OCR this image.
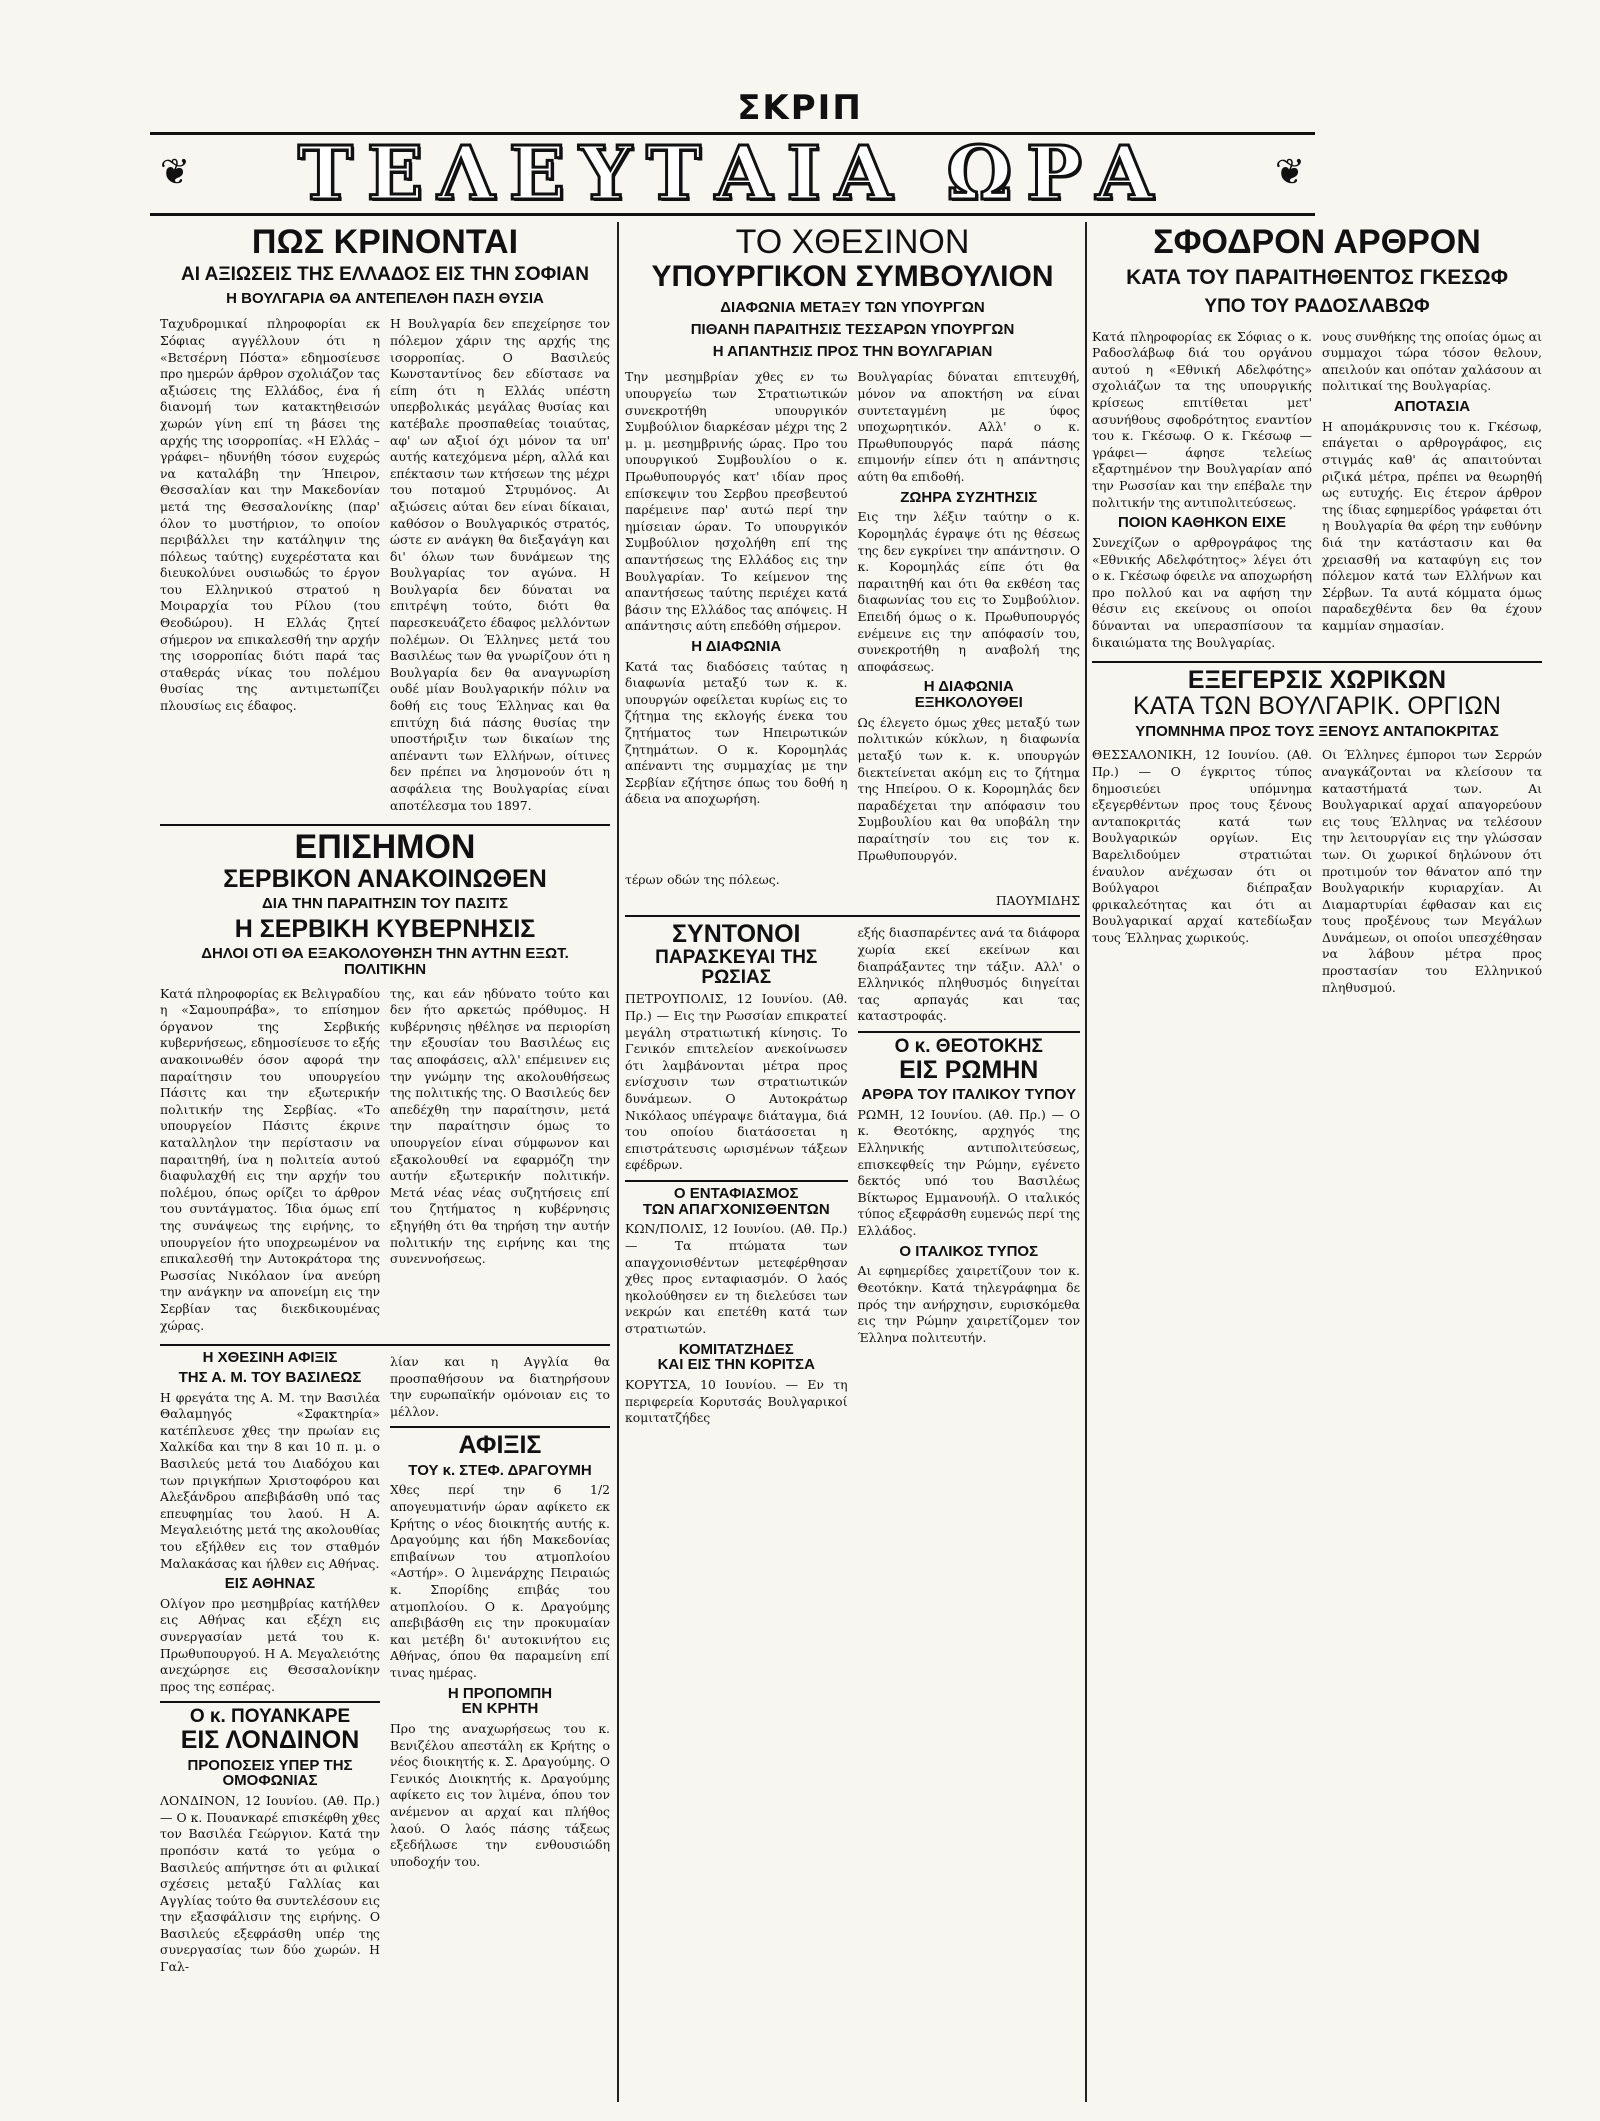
ΣΚΡΙΠ
❦	ΤΕΛΕΥΤΑΙΑ ΩΡΑ	❦

ΠΩΣ ΚΡΙΝΟΝΤΑΙ

ΑΙ ΑΞΙΩΣΕΙΣ ΤΗΣ ΕΛΛΑΔΟΣ ΕΙΣ ΤΗΝ ΣΟΦΙΑΝ

Η ΒΟΥΛΓΑΡΙΑ ΘΑ ΑΝΤΕΠΕΛΘΗ ΠΑΣΗ ΘΥΣΙΑ

Ταχυδρομικαί πληροφορίαι εκ Σόφιας αγγέλλουν ότι η «Βετσέρνη Πόστα» εδημοσίευσε προ ημερών άρθρον σχολιάζον τας αξιώσεις της Ελλάδος, ένα ή διανομή των κατακτηθεισών χωρών γίνη επί τη βάσει της αρχής της ισορροπίας. «Η Ελλάς –γράφει– ηδυνήθη τόσον ευχερώς να καταλάβη την Ήπειρον, Θεσσαλίαν και την Μακεδονίαν μετά της Θεσσαλονίκης (παρ' όλον το μυστήριον, το οποίον περιβάλλει την κατάληψιν της πόλεως ταύτης) ευχερέστατα και διευκολύνει ουσιωδώς το έργον του Ελληνικού στρατού η Μοιραρχία του Ρίλου (του Θεοδώρου). Η Ελλάς ζητεί σήμερον να επικαλεσθή την αρχήν της ισορροπίας διότι παρά τας σταθεράς νίκας του πολέμου θυσίας της αντιμετωπίζει πλουσίως εις έδαφος.

Η Βουλγαρία δεν επεχείρησε τον πόλεμον χάριν της αρχής της ισορροπίας. Ο Βασιλεύς Κωνσταντίνος δεν εδίστασε να είπη ότι η Ελλάς υπέστη υπερβολικάς μεγάλας θυσίας και κατέβαλε προσπαθείας τοιαύτας, αφ' ων αξιοί όχι μόνον τα υπ' αυτής κατεχόμενα μέρη, αλλά και επέκτασιν των κτήσεων της μέχρι του ποταμού Στρυμόνος. Αι αξιώσεις αύται δεν είναι δίκαιαι, καθόσον ο Βουλγαρικός στρατός, ώστε εν ανάγκη θα διεξαγάγη και δι' όλων των δυνάμεων της Βουλγαρίας τον αγώνα. Η Βουλγαρία δεν δύναται να επιτρέψη τούτο, διότι θα παρεσκευάζετο έδαφος μελλόντων πολέμων. Οι Έλληνες μετά του Βασιλέως των θα γνωρίζουν ότι η Βουλγαρία δεν θα αναγνωρίση ουδέ μίαν Βουλγαρικήν πόλιν να δοθή εις τους Έλληνας και θα επιτύχη διά πάσης θυσίας την υποστήριξιν των δικαίων της απέναντι των Ελλήνων, οίτινες δεν πρέπει να λησμονούν ότι η ασφάλεια της Βουλγαρίας είναι αποτέλεσμα του 1897.

ΕΠΙΣΗΜΟΝ

ΣΕΡΒΙΚΟΝ ΑΝΑΚΟΙΝΩΘΕΝ

ΔΙΑ ΤΗΝ ΠΑΡΑΙΤΗΣΙΝ ΤΟΥ ΠΑΣΙΤΣ

Η ΣΕΡΒΙΚΗ ΚΥΒΕΡΝΗΣΙΣ

ΔΗΛΟΙ ΟΤΙ ΘΑ ΕΞΑΚΟΛΟΥΘΗΣΗ ΤΗΝ ΑΥΤΗΝ ΕΞΩΤ. ΠΟΛΙΤΙΚΗΝ

Κατά πληροφορίας εκ Βελιγραδίου η «Σαμουπράβα», το επίσημον όργανον της Σερβικής κυβερνήσεως, εδημοσίευσε το εξής ανακοινωθέν όσον αφορά την παραίτησιν του υπουργείου Πάσιτς και την εξωτερικήν πολιτικήν της Σερβίας. «Το υπουργείον Πάσιτς έκρινε καταλληλον την περίστασιν να παραιτηθή, ίνα η πολιτεία αυτού διαφυλαχθή εις την αρχήν του πολέμου, όπως ορίζει το άρθρον του συντάγματος. Ίδια όμως επί της συνάψεως της ειρήνης, το υπουργείον ήτο υποχρεωμένον να επικαλεσθή την Αυτοκράτορα της Ρωσσίας Νικόλαον ίνα ανεύρη την ανάγκην να απονείμη εις την Σερβίαν τας διεκδικουμένας χώρας.

της, και εάν ηδύνατο τούτο και δεν ήτο αρκετώς πρόθυμος. Η κυβέρνησις ηθέλησε να περιορίση την εξουσίαν του Βασιλέως εις τας αποφάσεις, αλλ' επέμεινεν εις την γνώμην της ακολουθήσεως της πολιτικής της. Ο Βασιλεύς δεν απεδέχθη την παραίτησιν, μετά την παραίτησιν όμως το υπουργείον είναι σύμφωνον και εξακολουθεί να εφαρμόζη την αυτήν εξωτερικήν πολιτικήν. Μετά νέας νέας συζητήσεις επί του ζητήματος η κυβέρνησις εξηγήθη ότι θα τηρήση την αυτήν πολιτικήν της ειρήνης και της συνεννοήσεως.

Η ΧΘΕΣΙΝΗ ΑΦΙΞΙΣ

ΤΗΣ Α. Μ. ΤΟΥ ΒΑΣΙΛΕΩΣ

Η φρεγάτα της Α. Μ. την Βασιλέα Θαλαμηγός «Σφακτηρία» κατέπλευσε χθες την πρωίαν εις Χαλκίδα και την 8 και 10 π. μ. ο Βασιλεύς μετά του Διαδόχου και των πριγκήπων Χριστοφόρου και Αλεξάνδρου απεβιβάσθη υπό τας επευφημίας του λαού. Η Α. Μεγαλειότης μετά της ακολουθίας του εξήλθεν εις τον σταθμόν Μαλακάσας και ήλθεν εις Αθήνας.

ΕΙΣ ΑΘΗΝΑΣ

Ολίγον προ μεσημβρίας κατήλθεν εις Αθήνας και εξέχη εις συνεργασίαν μετά του κ. Πρωθυπουργού. Η Α. Μεγαλειότης ανεχώρησε εις Θεσσαλονίκην προς της εσπέρας.

Ο κ. ΠΟΥΑΝΚΑΡΕ

ΕΙΣ ΛΟΝΔΙΝΟΝ

ΠΡΟΠΟΣΕΙΣ ΥΠΕΡ ΤΗΣ ΟΜΟΦΩΝΙΑΣ

ΛΟΝΔΙΝΟΝ, 12 Ιουνίου. (Αθ. Πρ.) — Ο κ. Πουανκαρέ επισκέφθη χθες τον Βασιλέα Γεώργιον. Κατά την προπόσιν κατά το γεύμα ο Βασιλεύς απήντησε ότι αι φιλικαί σχέσεις μεταξύ Γαλλίας και Αγγλίας τούτο θα συντελέσουν εις την εξασφάλισιν της ειρήνης. Ο Βασιλεύς εξεφράσθη υπέρ της συνεργασίας των δύο χωρών. Η Γαλ-

λίαν και η Αγγλία θα προσπαθήσουν να διατηρήσουν την ευρωπαϊκήν ομόνοιαν εις το μέλλον.

ΑΦΙΞΙΣ

ΤΟΥ κ. ΣΤΕΦ. ΔΡΑΓΟΥΜΗ

Χθες περί την 6 1/2 απογευματινήν ώραν αφίκετο εκ Κρήτης ο νέος διοικητής αυτής κ. Δραγούμης και ήδη Μακεδονίας επιβαίνων του ατμοπλοίου «Αστήρ». Ο λιμενάρχης Πειραιώς κ. Σπορίδης επιβάς του ατμοπλοίου. Ο κ. Δραγούμης απεβιβάσθη εις την προκυμαίαν και μετέβη δι' αυτοκινήτου εις Αθήνας, όπου θα παραμείνη επί τινας ημέρας.

Η ΠΡΟΠΟΜΠΗ

ΕΝ ΚΡΗΤΗ

Προ της αναχωρήσεως του κ. Βενιζέλου απεστάλη εκ Κρήτης ο νέος διοικητής κ. Σ. Δραγούμης. Ο Γενικός Διοικητής κ. Δραγούμης αφίκετο εις τον λιμένα, όπου τον ανέμενον αι αρχαί και πλήθος λαού. Ο λαός πάσης τάξεως εξεδήλωσε την ενθουσιώδη υποδοχήν του.

ΤΟ ΧΘΕΣΙΝΟΝ

ΥΠΟΥΡΓΙΚΟΝ ΣΥΜΒΟΥΛΙΟΝ

ΔΙΑΦΩΝΙΑ ΜΕΤΑΞΥ ΤΩΝ ΥΠΟΥΡΓΩΝ

ΠΙΘΑΝΗ ΠΑΡΑΙΤΗΣΙΣ ΤΕΣΣΑΡΩΝ ΥΠΟΥΡΓΩΝ

Η ΑΠΑΝΤΗΣΙΣ ΠΡΟΣ ΤΗΝ ΒΟΥΛΓΑΡΙΑΝ

Την μεσημβρίαν χθες εν τω υπουργείω των Στρατιωτικών συνεκροτήθη υπουργικόν Συμβούλιον διαρκέσαν μέχρι της 2 μ. μ. μεσημβρινής ώρας. Προ του υπουργικού Συμβουλίου ο κ. Πρωθυπουργός κατ' ιδίαν προς επίσκεψιν του Σερβου πρεσβευτού παρέμεινε παρ' αυτώ περί την ημίσειαν ώραν. Το υπουργικόν Συμβούλιον ησχολήθη επί της απαντήσεως της Ελλάδος εις την Βουλγαρίαν. Το κείμενον της απαντήσεως ταύτης περιέχει κατά βάσιν της Ελλάδος τας απόψεις. Η απάντησις αύτη επεδόθη σήμερον.

Η ΔΙΑΦΩΝΙΑ

Κατά τας διαδόσεις ταύτας η διαφωνία μεταξύ των κ. κ. υπουργών οφείλεται κυρίως εις το ζήτημα της εκλογής ένεκα του ζητήματος των Ηπειρωτικών ζητημάτων. Ο κ. Κορομηλάς απέναντι της συμμαχίας με την Σερβίαν εζήτησε όπως του δοθή η άδεια να αποχωρήση.

Βουλγαρίας δύναται επιτευχθή, μόνον να αποκτήση να είναι συντεταγμένη με ύφος υποχωρητικόν. Αλλ' ο κ. Πρωθυπουργός παρά πάσης επιμονήν είπεν ότι η απάντησις αύτη θα επιδοθή.

ΖΩΗΡΑ ΣΥΖΗΤΗΣΙΣ

Εις την λέξιν ταύτην ο κ. Κορομηλάς έγραψε ότι ης θέσεως της δεν εγκρίνει την απάντησιν. Ο κ. Κορομηλάς είπε ότι θα παραιτηθή και ότι θα εκθέση τας διαφωνίας του εις το Συμβούλιον. Επειδή όμως ο κ. Πρωθυπουργός ενέμεινε εις την απόφασίν του, συνεκροτήθη η αναβολή της αποφάσεως.

Η ΔΙΑΦΩΝΙΑ

ΕΞΗΚΟΛΟΥΘΕΙ

Ως έλεγετο όμως χθες μεταξύ των πολιτικών κύκλων, η διαφωνία μεταξύ των κ. κ. υπουργών διεκτείνεται ακόμη εις το ζήτημα της Ηπείρου. Ο κ. Κορομηλάς δεν παραδέχεται την απόφασιν του Συμβουλίου και θα υποβάλη την παραίτησίν του εις τον κ. Πρωθυπουργόν.

τέρων οδών της πόλεως.

ΠΑΟΥΜΙΔΗΣ

ΣΥΝΤΟΝΟΙ

ΠΑΡΑΣΚΕΥΑΙ ΤΗΣ ΡΩΣΙΑΣ

ΠΕΤΡΟΥΠΟΛΙΣ, 12 Ιουνίου. (Αθ. Πρ.) — Εις την Ρωσσίαν επικρατεί μεγάλη στρατιωτική κίνησις. Το Γενικόν επιτελείον ανεκοίνωσεν ότι λαμβάνονται μέτρα προς ενίσχυσιν των στρατιωτικών δυνάμεων. Ο Αυτοκράτωρ Νικόλαος υπέγραψε διάταγμα, διά του οποίου διατάσσεται η επιστράτευσις ωρισμένων τάξεων εφέδρων.

Ο ΕΝΤΑΦΙΑΣΜΟΣ

ΤΩΝ ΑΠΑΓΧΟΝΙΣΘΕΝΤΩΝ

ΚΩΝ/ΠΟΛΙΣ, 12 Ιουνίου. (Αθ. Πρ.) — Τα πτώματα των απαγχονισθέντων μετεφέρθησαν χθες προς ενταφιασμόν. Ο λαός ηκολούθησεν εν τη διελεύσει των νεκρών και επετέθη κατά των στρατιωτών.

ΚΟΜΙΤΑΤΖΗΔΕΣ

ΚΑΙ ΕΙΣ ΤΗΝ ΚΟΡΙΤΣΑ

ΚΟΡΥΤΣΑ, 10 Ιουνίου. — Εν τη περιφερεία Κορυτσάς Βουλγαρικοί κομιτατζήδες

εξής διασπαρέντες ανά τα διάφορα χωρία εκεί εκείνων και διαπράξαντες την τάξιν. Αλλ' ο Ελληνικός πληθυσμός διηγείται τας αρπαγάς και τας καταστροφάς.

Ο κ. ΘΕΟΤΟΚΗΣ

ΕΙΣ ΡΩΜΗΝ

ΑΡΘΡΑ ΤΟΥ ΙΤΑΛΙΚΟΥ ΤΥΠΟΥ

ΡΩΜΗ, 12 Ιουνίου. (Αθ. Πρ.) — Ο κ. Θεοτόκης, αρχηγός της Ελληνικής αντιπολιτεύσεως, επισκεφθείς την Ρώμην, εγένετο δεκτός υπό του Βασιλέως Βίκτωρος Εμμανουήλ. Ο ιταλικός τύπος εξεφράσθη ευμενώς περί της Ελλάδος.

Ο ΙΤΑΛΙΚΟΣ ΤΥΠΟΣ

Αι εφημερίδες χαιρετίζουν τον κ. Θεοτόκην. Κατά τηλεγράφημα δε πρός την ανήρχησιν, ευρισκόμεθα εις την Ρώμην χαιρετίζομεν τον Έλληνα πολιτευτήν.

ΣΦΟΔΡΟΝ ΑΡΘΡΟΝ

ΚΑΤΑ ΤΟΥ ΠΑΡΑΙΤΗΘΕΝΤΟΣ ΓΚΕΣΩΦ

ΥΠΟ ΤΟΥ ΡΑΔΟΣΛΑΒΩΦ

Κατά πληροφορίας εκ Σόφιας ο κ. Ραδοσλάβωφ διά του οργάνου αυτού η «Εθνική Αδελφότης» σχολιάζων τα της υπουργικής κρίσεως επιτίθεται μετ' ασυνήθους σφοδρότητος εναντίον του κ. Γκέσωφ. Ο κ. Γκέσωφ —γράφει— άφησε τελείως εξαρτημένον την Βουλγαρίαν από την Ρωσσίαν και την επέβαλε την πολιτικήν της αντιπολιτεύσεως.

ΠΟΙΟΝ ΚΑΘΗΚΟΝ ΕΙΧΕ

Συνεχίζων ο αρθρογράφος της «Εθνικής Αδελφότητος» λέγει ότι ο κ. Γκέσωφ όφειλε να αποχωρήση προ πολλού και να αφήση την θέσιν εις εκείνους οι οποίοι δύνανται να υπερασπίσουν τα δικαιώματα της Βουλγαρίας.

νους συνθήκης της οποίας όμως αι συμμαχοι τώρα τόσον θελουν, απειλούν και οπόταν χαλάσουν αι πολιτικαί της Βουλγαρίας.

ΑΠΟΤΑΣΙΑ

Η απομάκρυνσις του κ. Γκέσωφ, επάγεται ο αρθρογράφος, εις στιγμάς καθ' άς απαιτούνται ριζικά μέτρα, πρέπει να θεωρηθή ως ευτυχής. Εις έτερον άρθρον της ίδιας εφημερίδος γράφεται ότι η Βουλγαρία θα φέρη την ευθύνην διά την κατάστασιν και θα χρειασθή να καταφύγη εις τον πόλεμον κατά των Ελλήνων και Σέρβων. Τα αυτά κόμματα όμως παραδεχθέντα δεν θα έχουν καμμίαν σημασίαν.

ΕΞΕΓΕΡΣΙΣ ΧΩΡΙΚΩΝ

ΚΑΤΑ ΤΩΝ ΒΟΥΛΓΑΡΙΚ. ΟΡΓΙΩΝ

ΥΠΟΜΝΗΜΑ ΠΡΟΣ ΤΟΥΣ ΞΕΝΟΥΣ ΑΝΤΑΠΟΚΡΙΤΑΣ

ΘΕΣΣΑΛΟΝΙΚΗ, 12 Ιουνίου. (Αθ. Πρ.) — Ο έγκριτος τύπος δημοσιεύει υπόμνημα εξεγερθέντων προς τους ξένους ανταποκριτάς κατά των Βουλγαρικών οργίων. Εις Βαρελιδούμεν στρατιώται έναυλον ανέχωσαν ότι οι Βούλγαροι διέπραξαν φρικαλεότητας και ότι αι Βουλγαρικαί αρχαί κατεδίωξαν τους Έλληνας χωρικούς.

Οι Έλληνες έμποροι των Σερρών αναγκάζονται να κλείσουν τα καταστήματά των. Αι Βουλγαρικαί αρχαί απαγορεύουν εις τους Έλληνας να τελέσουν την λειτουργίαν εις την γλώσσαν των. Οι χωρικοί δηλώνουν ότι προτιμούν τον θάνατον από την Βουλγαρικήν κυριαρχίαν. Αι Διαμαρτυρίαι έφθασαν και εις τους προξένους των Μεγάλων Δυνάμεων, οι οποίοι υπεσχέθησαν να λάβουν μέτρα προς προστασίαν του Ελληνικού πληθυσμού.
